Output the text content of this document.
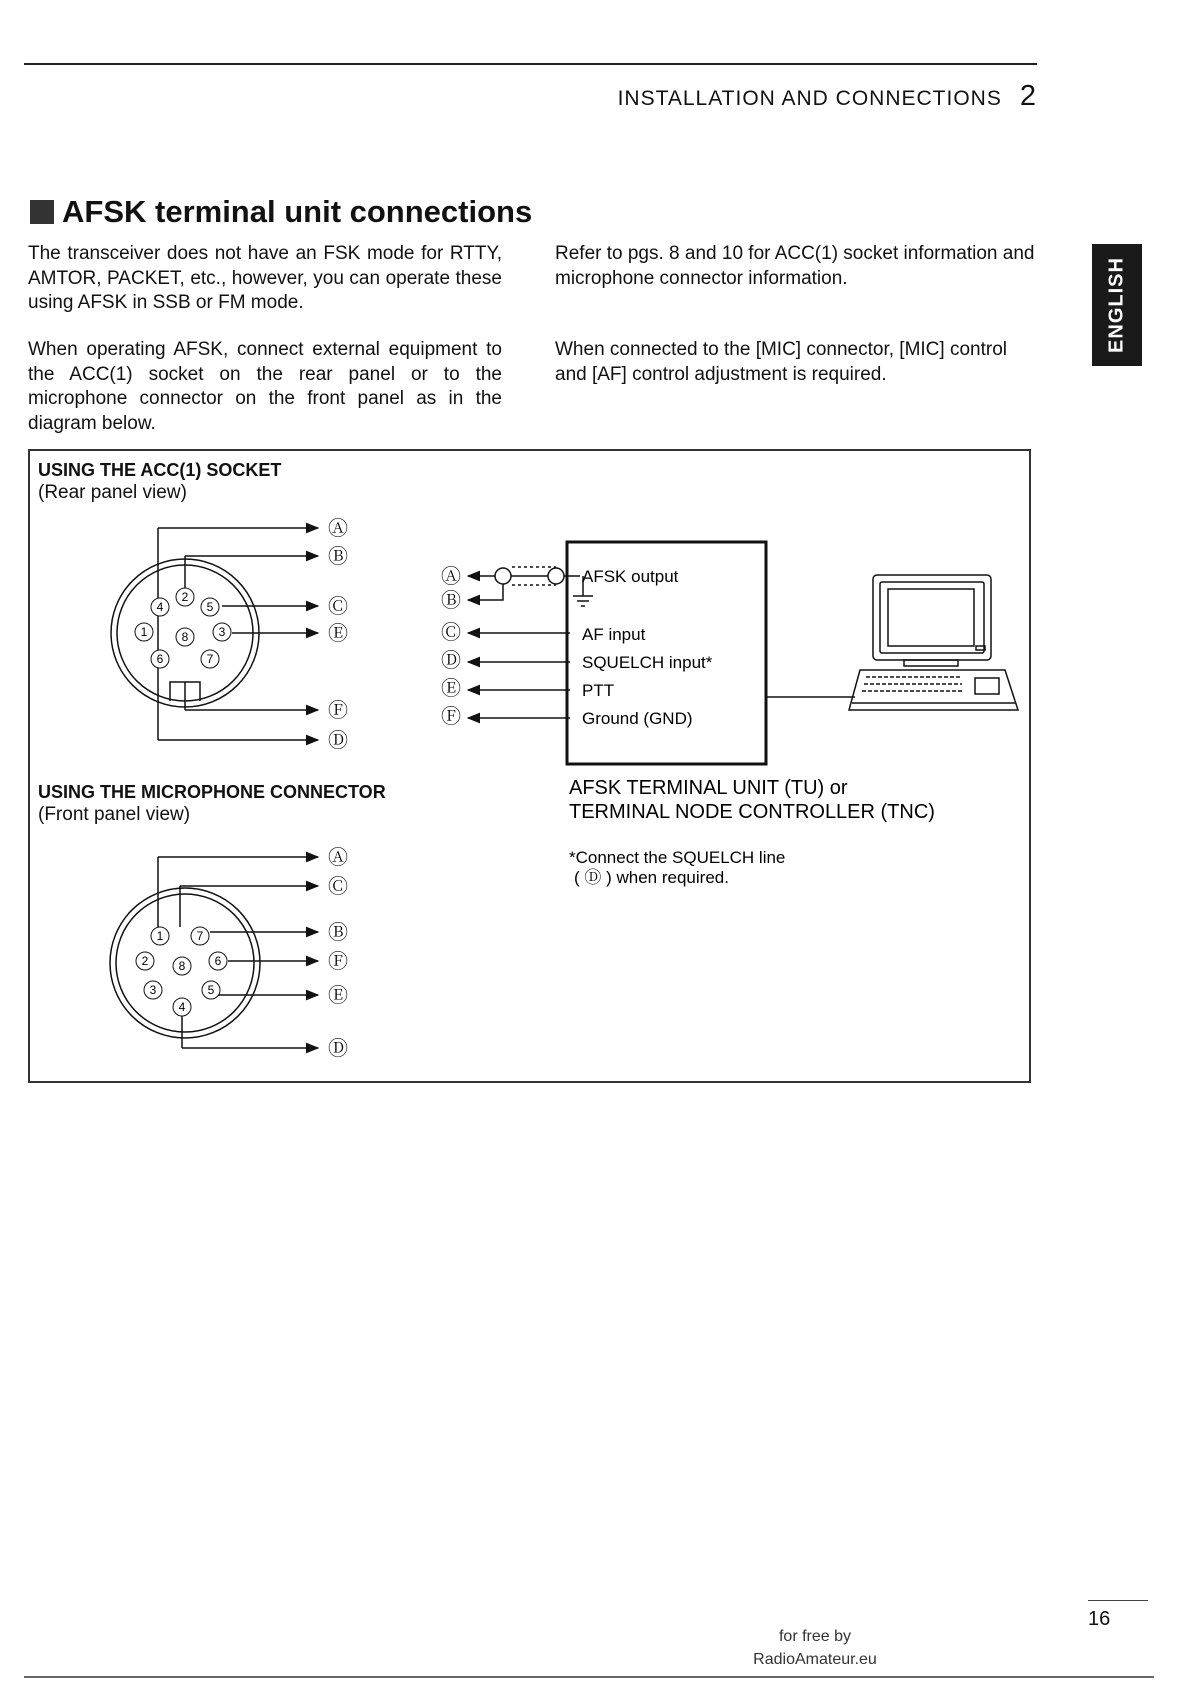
INSTALLATION AND CONNECTIONS 2
AFSK terminal unit connections
ENGLISH
The transceiver does not have an FSK mode for RTTY, AMTOR, PACKET, etc., however, you can operate these using AFSK in SSB or FM mode.
When operating AFSK, connect external equipment to the ACC(1) socket on the rear panel or to the microphone connector on the front panel as in the diagram below.
Refer to pgs. 8 and 10 for ACC(1) socket information and microphone connector information.
When connected to the [MIC] connector, [MIC] control and [AF] control adjustment is required.
USING THE ACC(1) SOCKET
(Rear panel view)
USING THE MICROPHONE CONNECTOR
(Front panel view)
2
4	5
1	8	3
6	7
Ⓐ
Ⓑ
Ⓒ
Ⓔ
Ⓕ
Ⓓ
1	7
2	8 6
3	5
4
Ⓐ
Ⓒ
Ⓑ
Ⓕ
Ⓔ
Ⓓ
Ⓐ
Ⓑ
Ⓒ
Ⓓ
Ⓔ
Ⓕ
AFSK output
AF input
SQUELCH input*
PTT
Ground (GND)
AFSK TERMINAL UNIT (TU) or
TERMINAL NODE CONTROLLER (TNC)
*Connect the SQUELCH line
( Ⓓ ) when required.
16
for free by
RadioAmateur.eu
